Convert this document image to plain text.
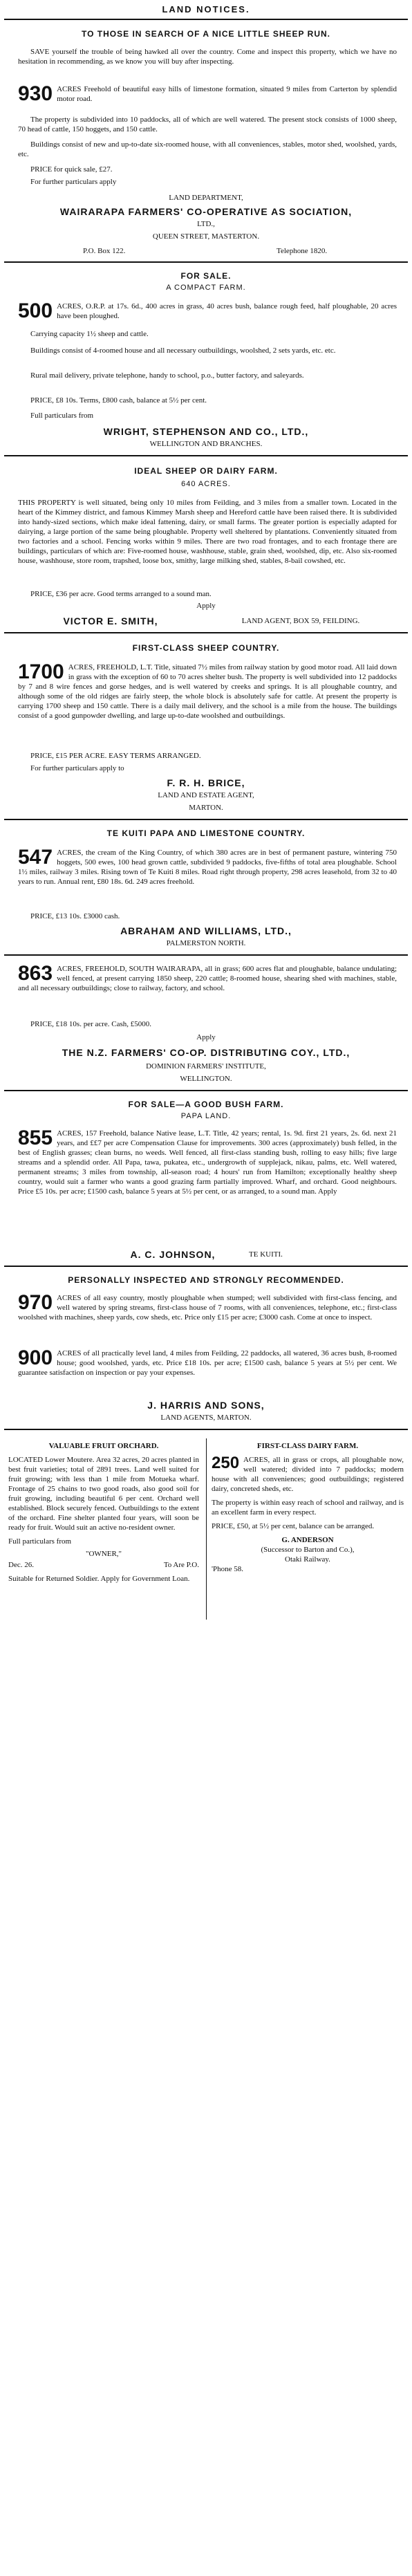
LAND NOTICES.
TO THOSE IN SEARCH OF A NICE LITTLE SHEEP RUN.
SAVE yourself the trouble of being hawked all over the country. Come and inspect this property, which we have no hesitation in recommending, as we know you will buy after inspecting.
930 ACRES Freehold of beautiful easy hills of limestone formation, situated 9 miles from Carterton by splendid motor road.
The property is subdivided into 10 paddocks, all of which are well watered. The present stock consists of 1000 sheep, 70 head of cattle, 150 hoggets, and 150 cattle.
Buildings consist of new and up-to-date six-roomed house, with all conveniences, stables, motor shed, woolshed, yards, etc.
PRICE for quick sale, £27.
For further particulars apply
LAND DEPARTMENT,
WAIRARAPA FARMERS' CO-OPERATIVE AS SOCIATION,
LTD.,
QUEEN STREET, MASTERTON.
P.O. Box 122.	Telephone 1820.
FOR SALE.
A COMPACT FARM.
500 ACRES, O.R.P. at 17s. 6d., 400 acres in grass, 40 acres bush, balance rough feed, half ploughable, 20 acres have been ploughed.
Carrying capacity 1½ sheep and cattle.
Buildings consist of 4-roomed house and all necessary outbuildings, woolshed, 2 sets yards, etc. etc.
Rural mail delivery, private telephone, handy to school, p.o., butter factory, and saleyards.
PRICE, £8 10s. Terms, £800 cash, balance at 5½ per cent.
Full particulars from
WRIGHT, STEPHENSON AND CO., LTD.,
WELLINGTON AND BRANCHES.
IDEAL SHEEP OR DAIRY FARM.
640 ACRES.
THIS PROPERTY is well situated, being only 10 miles from Feilding, and 3 miles from a smaller town. Located in the heart of the Kimmey district, and famous Kimmey Marsh sheep and Hereford cattle have been raised there. It is subdivided into handy-sized sections, which make ideal fattening, dairy, or small farms. The greater portion is especially adapted for dairying, a large portion of the same being ploughable. Property well sheltered by plantations. Conveniently situated from two factories and a school. Fencing works within 9 miles. There are two road frontages, and to each frontage there are buildings, particulars of which are: Five-roomed house, washhouse, stable, grain shed, woolshed, dip, etc. Also six-roomed house, washhouse, store room, trapshed, loose box, smithy, large milking shed, stables, 8-bail cowshed, etc.
PRICE, £36 per acre. Good terms arranged to a sound man.
Apply
VICTOR E. SMITH,	LAND AGENT, BOX 59, FEILDING.
FIRST-CLASS SHEEP COUNTRY.
1700 ACRES, FREEHOLD, L.T. Title, situated 7½ miles from railway station by good motor road. All laid down in grass with the exception of 60 to 70 acres shelter bush. The property is well subdivided into 12 paddocks by 7 and 8 wire fences and gorse hedges, and is well watered by creeks and springs. It is all ploughable country, and although some of the old ridges are fairly steep, the whole block is absolutely safe for cattle. At present the property is carrying 1700 sheep and 150 cattle. There is a daily mail delivery, and the school is a mile from the house. The buildings consist of a good gunpowder dwelling, and large up-to-date woolshed and outbuildings.
PRICE, £15 PER ACRE. EASY TERMS ARRANGED.
For further particulars apply to
F. R. H. BRICE,
LAND AND ESTATE AGENT,
MARTON.
TE KUITI PAPA AND LIMESTONE COUNTRY.
547 ACRES, the cream of the King Country, of which 380 acres are in best of permanent pasture, wintering 750 hoggets, 500 ewes, 100 head grown cattle, subdivided 9 paddocks, five-fifths of total area ploughable. School 1½ miles, railway 3 miles. Rising town of Te Kuiti 8 miles. Road right through property, 298 acres leasehold, from 32 to 40 years to run. Annual rent, £80 18s. 6d. 249 acres freehold.
PRICE, £13 10s. £3000 cash.
ABRAHAM AND WILLIAMS, LTD.,
PALMERSTON NORTH.
863 ACRES, FREEHOLD, SOUTH WAIRARAPA, all in grass; 600 acres flat and ploughable, balance undulating; well fenced, at present carrying 1850 sheep, 220 cattle; 8-roomed house, shearing shed with machines, stable, and all necessary outbuildings; close to railway, factory, and school.
PRICE, £18 10s. per acre. Cash, £5000.
Apply
THE N.Z. FARMERS' CO-OP. DISTRIBUTING COY., LTD.,
DOMINION FARMERS' INSTITUTE,
WELLINGTON.
FOR SALE—A GOOD BUSH FARM.
PAPA LAND.
855 ACRES, 157 Freehold, balance Native lease, L.T. Title, 42 years; rental, 1s. 9d. first 21 years, 2s. 6d. next 21 years, and ££7 per acre Compensation Clause for improvements. 300 acres (approximately) bush felled, in the best of English grasses; clean burns, no weeds. Well fenced, all first-class standing bush, rolling to easy hills; five large streams and a splendid order. All Papa, tawa, pukatea, etc., undergrowth of supplejack, nikau, palms, etc. Well watered, permanent streams; 3 miles from township, all-season road; 4 hours' run from Hamilton; exceptionally healthy sheep country, would suit a farmer who wants a good grazing farm partially improved. Wharf, and orchard. Good neighbours. Price £5 10s. per acre; £1500 cash, balance 5 years at 5½ per cent, or as arranged, to a sound man. Apply
A. C. JOHNSON,	TE KUITI.
PERSONALLY INSPECTED AND STRONGLY RECOMMENDED.
970 ACRES of all easy country, mostly ploughable when stumped; well subdivided with first-class fencing, and well watered by spring streams, first-class house of 7 rooms, with all conveniences, telephone, etc.; first-class woolshed with machines, sheep yards, cow sheds, etc. Price only £15 per acre; £3000 cash. Come at once to inspect.
900 ACRES of all practically level land, 4 miles from Feilding, 22 paddocks, all watered, 36 acres bush, 8-roomed house; good woolshed, yards, etc. Price £18 10s. per acre; £1500 cash, balance 5 years at 5½ per cent. We guarantee satisfaction on inspection or pay your expenses.
J. HARRIS AND SONS,
LAND AGENTS, MARTON.
VALUABLE FRUIT ORCHARD.
LOCATED Lower Moutere. Area 32 acres, 20 acres planted in best fruit varieties; total of 2891 trees. Land well suited for fruit growing; with less than 1 mile from Motueka wharf. Frontage of 25 chains to two good roads, also good soil for fruit growing, including beautiful 6 per cent. Orchard well established. Block securely fenced. Outbuildings to the extent of the orchard. Fine shelter planted four years, will soon be ready for fruit. Would suit an active no-resident owner.
Full particulars from
"OWNER,"
Dec. 26.	To Are P.O.
Suitable for Returned Soldier. Apply for Government Loan.
FIRST-CLASS DAIRY FARM.
250 ACRES, all in grass or crops, all ploughable now, well watered; divided into 7 paddocks; modern house with all conveniences; good outbuildings; registered dairy, concreted sheds, etc.
The property is within easy reach of school and railway, and is an excellent farm in every respect.
PRICE, £50, at 5½ per cent, balance can be arranged.
G. ANDERSON
(Successor to Barton and Co.),
Otaki Railway.
'Phone 58.
